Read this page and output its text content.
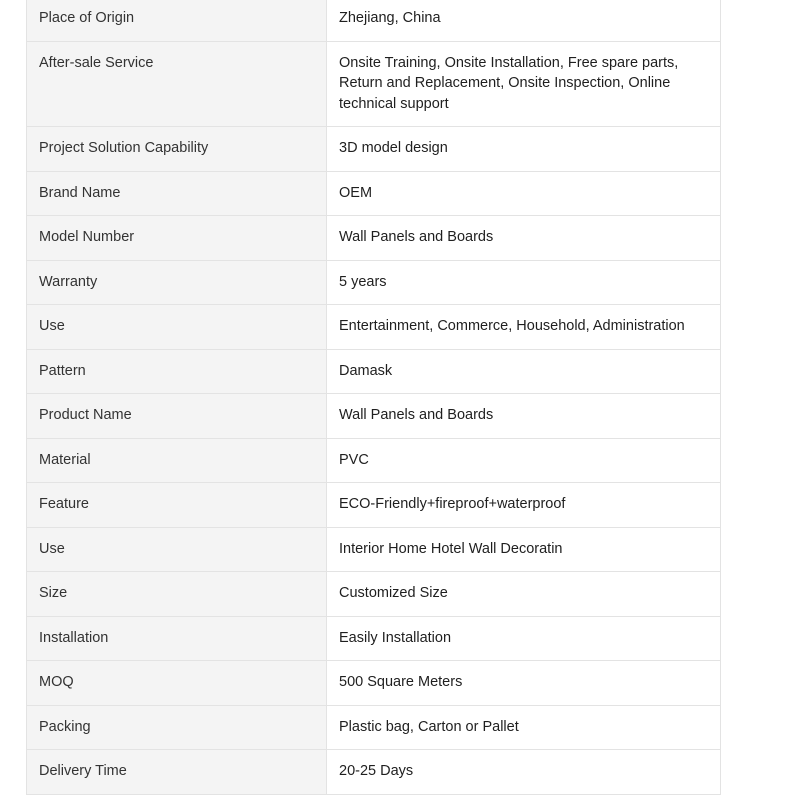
Place of Origin	Zhejiang, China
After-sale Service	Onsite Training, Onsite Installation, Free spare parts, Return and Replacement, Onsite Inspection, Online technical support
Project Solution Capability	3D model design
Brand Name	OEM
Model Number	Wall Panels and Boards
Warranty	5 years
Use	Entertainment, Commerce, Household, Administration
Pattern	Damask
Product Name	Wall Panels and Boards
Material	PVC
Feature	ECO-Friendly+fireproof+waterproof
Use	Interior Home Hotel Wall Decoratin
Size	Customized Size
Installation	Easily Installation
MOQ	500 Square Meters
Packing	Plastic bag, Carton or Pallet
Delivery Time	20-25 Days
